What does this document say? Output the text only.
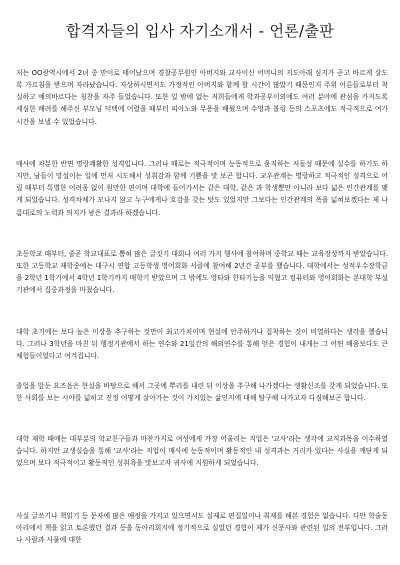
합격자들의 입사 자기소개서 - 언론/출판

저는 OO광역시에서 2녀 중 맏이로 태어났으며 경찰공무원인 아버지와 교사이신 어머니의 지도아래 심지가 곧고 바르게 살도록 가르침을 받으며 자라났습니다. 자상하시면서도 가정적인 아버지와 함께 할 시간이 많았기 때문인지 주위 어른들로부터 착실하고 예의바르다는 칭찬을 자주 들었습니다. 또한 일 밖에 없는 저희들에게 학과공부이외에도 여러 분야에 관심을 가지도록 세심한 배려를 해주신 부모님 덕택에 어렸을 때부터 피아노와 무용을 배웠으며 수영과 볼링 등의 스포츠에도 적극적으로 여가시간을 보낼 수 있었습니다.

매사에 차분한 반면 명랑쾌활한 성격입니다. 그러나 때로는 적극적이며 능동적으로 움직하는 저돌성 때문에 실수를 하기도 하지만, 남들이 망설이는 일에 먼저 시도해서 성취감과 함께 기쁨을 맛 보곤 합니다. 교우관계는 명랑하고 적극적인 성격으로 어릴 때부터 특별한 어려움 없이 원만한 편이며 대학에 들어가서는 같은 대학, 같은 과 학생뿐만 아니라 보다 넓은 인간관계를 맺게 되었습니다. 성격차체가 모나지 않고 누구에게나 호감을 갖는 탓도 있었지만 그보다는 인간관계의 폭을 넓혀보겠다는 제 나름대로의 노력과 의지가 낳은 결과라 하겠습니다.

초등학교 때부터, 줄곧 학교대표로 뽑혀 많은 글짓기 대회나 여러 가지 행사에 참여하며 중학교 때는 교육장상까지 받았습니다. 또한 고등학교 재학중에는 대구시 연합 고등학생 영어회화 서클에 참여해 2년간 공부를 했습니다. 대학에서는 성적우수장학금을 2학년 1학기에서 4학년 1학기까지 매학기 받았으며 그 밖에도 영타와 한타기능을 익혔고 컴퓨터와 영어회화는 본대학 부설기관에서 집중과정을 마쳤습니다.

대학 초기에는 보다 높은 이상을 추구하는 것만이 최고가치이며 현실에 안주하거나 집착하는 것이 비열하다는 생각을 했습니다. 그러나 3학년을 마친 뒤 행정기관에서 하는 연수와 21일간의 해외연수를 통해 얻은 경험이 내게는 그 어떤 배움보다도 큰 체험들이었다고 여겨집니다.

졸업을 앞둔 요즈음은 현실을 바탕으로 해서 그곳에 뿌리를 내린 뒤 이상을 추구해 나가겠다는 생활신조를 갖게 되었습니다. 또한 사회를 보는 시야를 넓히고 진정 어떻게 살아가는 것이 가치있는 삶인지에 대해 탐구해 나가고자 다짐해보곤 합니다.

대학 재학 때에는 대부분의 학교친구들과 마찬가지로 여성에게 가장 어울리는 직업은 '교사'라는 생각에 교직과목을 이수하였습니다. 하지만 교생실습을 통해 '교사'라는 직업이 매사에 능동적이며 활동적인 내 성격과는 거리가 있다는 사실을 깨닫게 되었으며 보다 적극적이고 활동적인 성취욕을 맛보고자 귀사에 지원하게 되었습니다.

사실 글쓰기나 책읽기 등 문자에 많은 애정을 가지고 있으면서도 실제로 편집일이나 취재를 해본 경험은 없습니다. 다만 학술동아리에서 책을 읽고 토론했던 결과 등을 동아리회지에 정기적으로 실었던 경험이 제가 신문사와 관련된 일의 전부입니다. 그러나 사람과 사물에 대한
